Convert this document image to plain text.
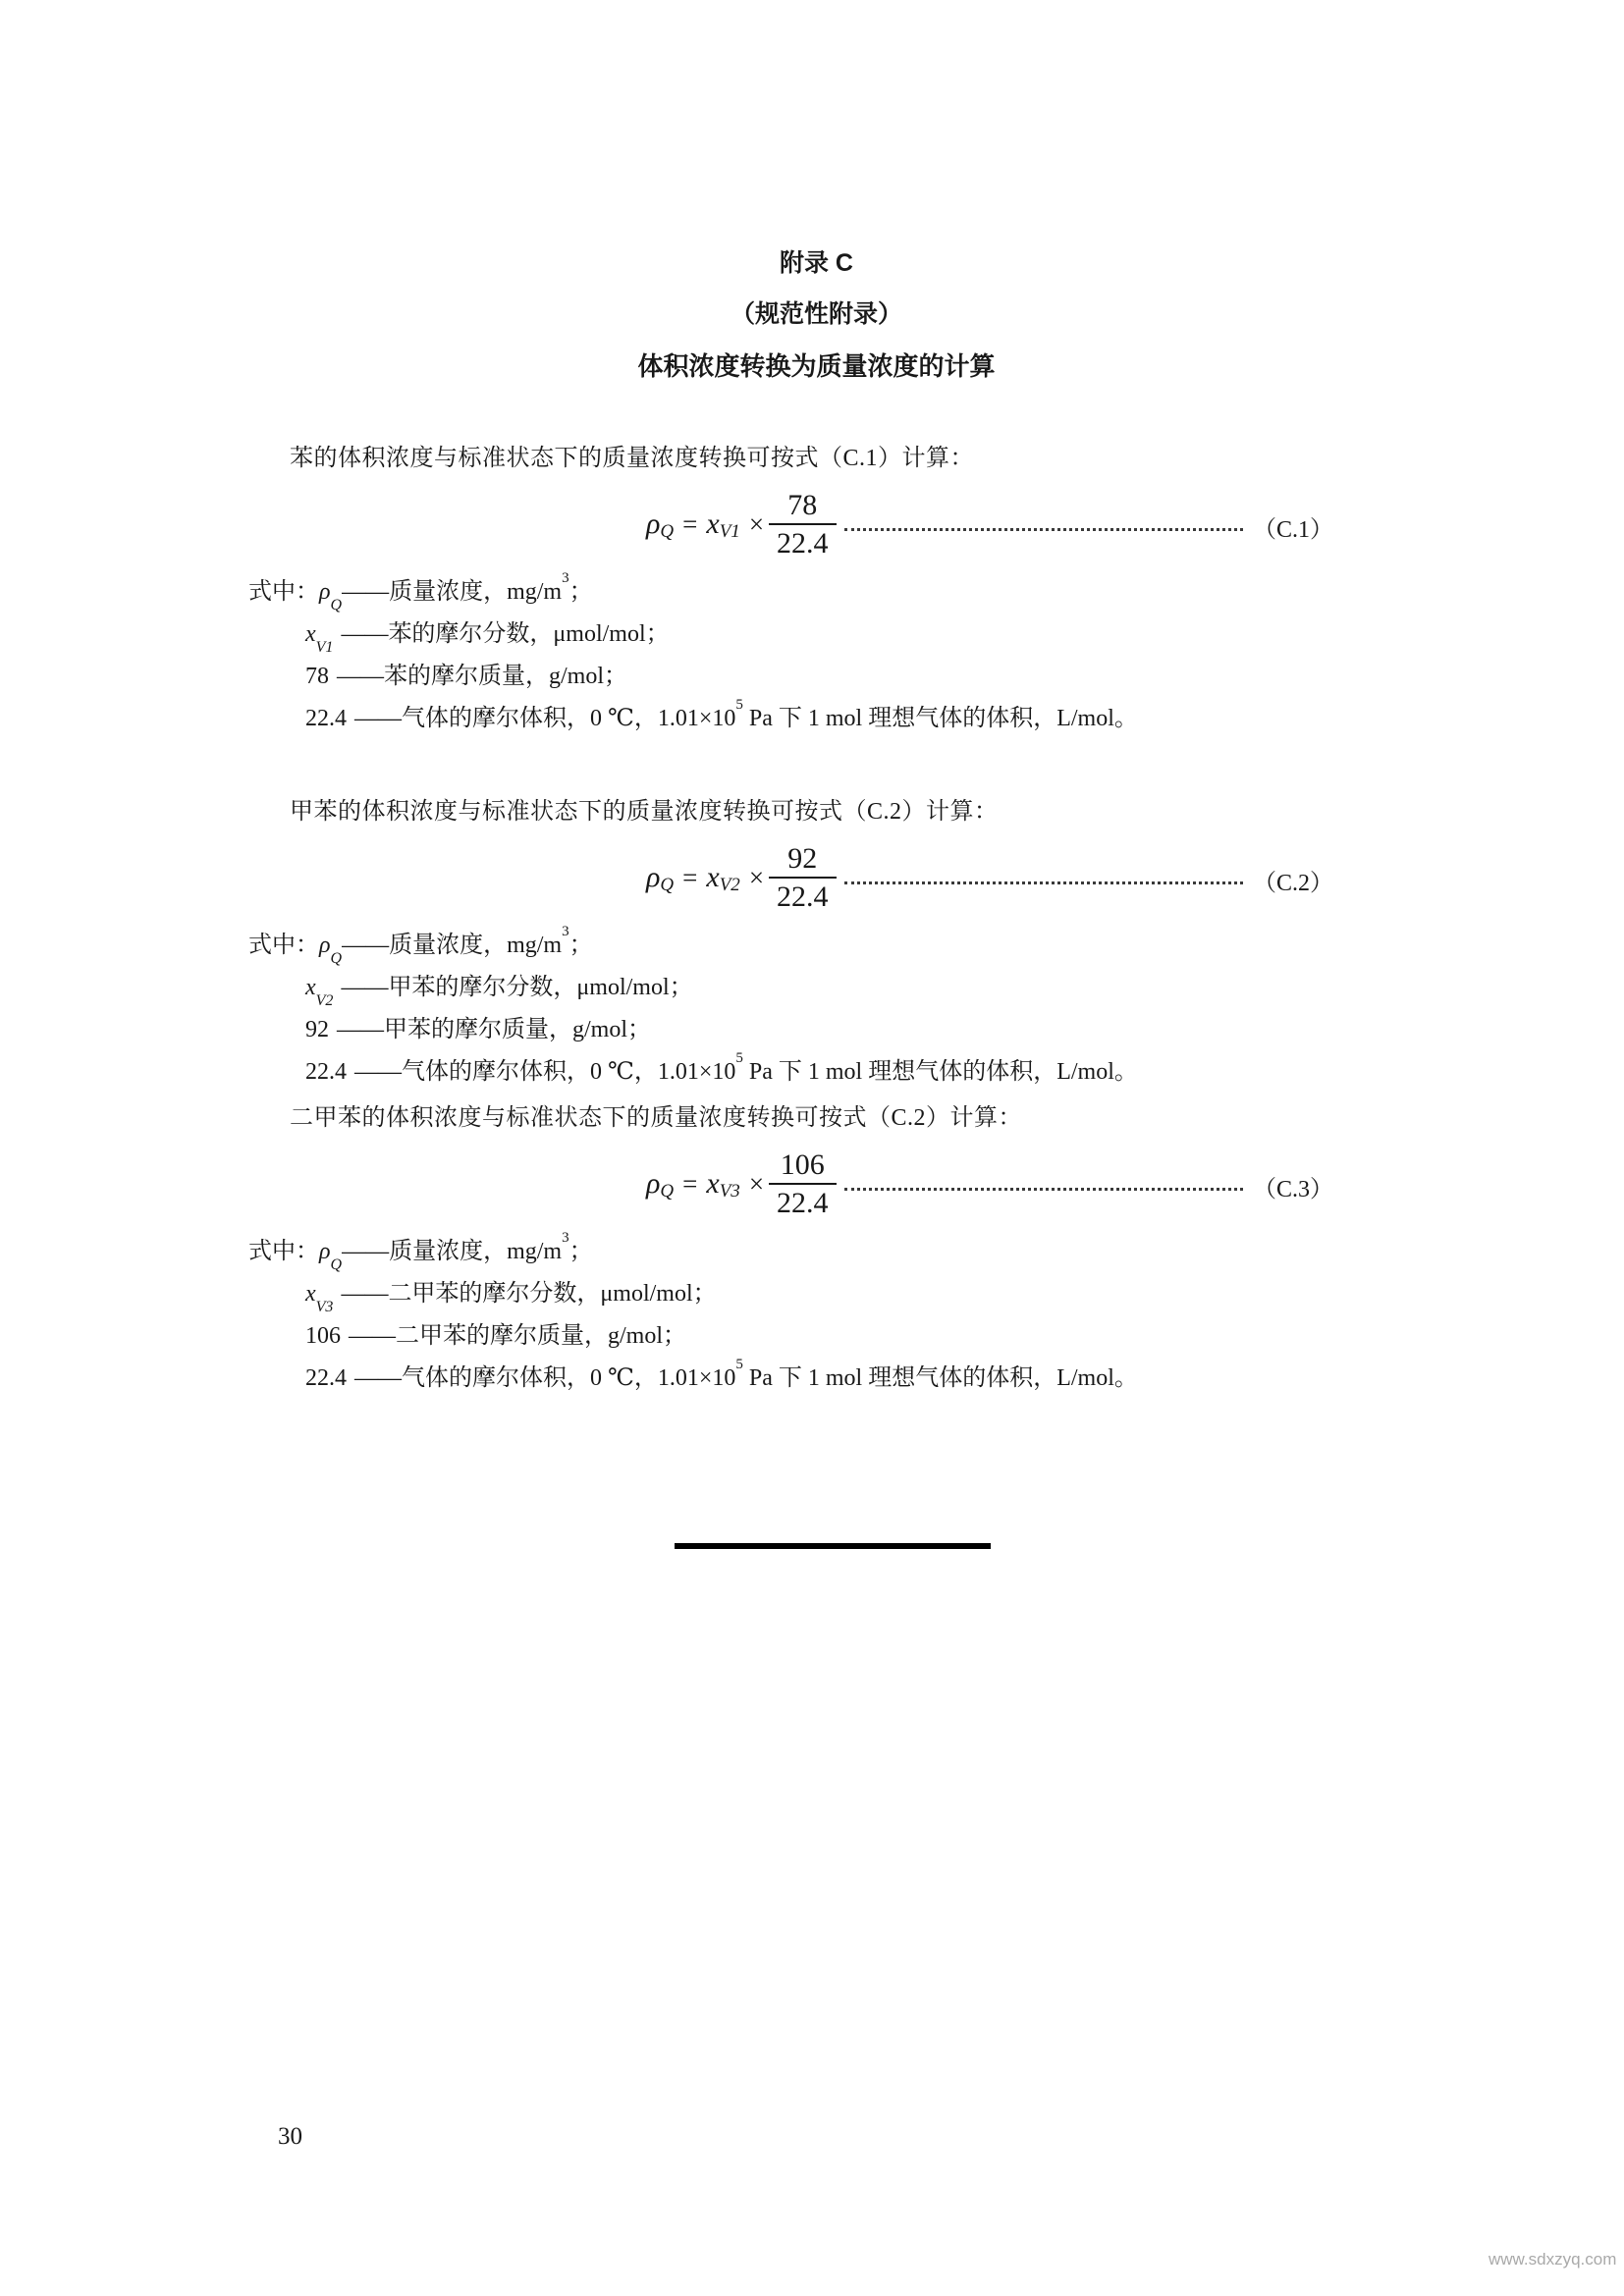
附录 C
（规范性附录）
体积浓度转换为质量浓度的计算

苯的体积浓度与标准状态下的质量浓度转换可按式（C.1）计算：

$\rho_Q = x_{V1} \times \frac{78}{22.4}$	（C.1）
式中：$\rho_Q——$质量浓度，$mg/m^3$；
$x_{V1}——$苯的摩尔分数，μmol/mol；
78 ——苯的摩尔质量，g/mol；
22.4 ——气体的摩尔体积，0 ℃，$1.01\times 10^5$ Pa 下 1 mol 理想气体的体积，L/mol。

甲苯的体积浓度与标准状态下的质量浓度转换可按式（C.2）计算：

$\rho_Q = x_{V2} \times \frac{92}{22.4}$	（C.2）
式中：$\rho_Q——$质量浓度，$mg/m^3$；
$x_{V2}——$甲苯的摩尔分数，μmol/mol；
92 ——甲苯的摩尔质量，g/mol；
22.4 ——气体的摩尔体积，0 ℃，$1.01\times 10^5$ Pa 下 1 mol 理想气体的体积，L/mol。

二甲苯的体积浓度与标准状态下的质量浓度转换可按式（C.2）计算：

$\rho_Q = x_{V3} \times \frac{106}{22.4}$	（C.3）
式中：$\rho_Q——$质量浓度，$mg/m^3$；
$x_{V3}——$二甲苯的摩尔分数，μmol/mol；
106 ——二甲苯的摩尔质量，g/mol；
22.4 ——气体的摩尔体积，0 ℃，$1.01\times 10^5$ Pa 下 1 mol 理想气体的体积，L/mol。
30
www.sdxzyq.com
